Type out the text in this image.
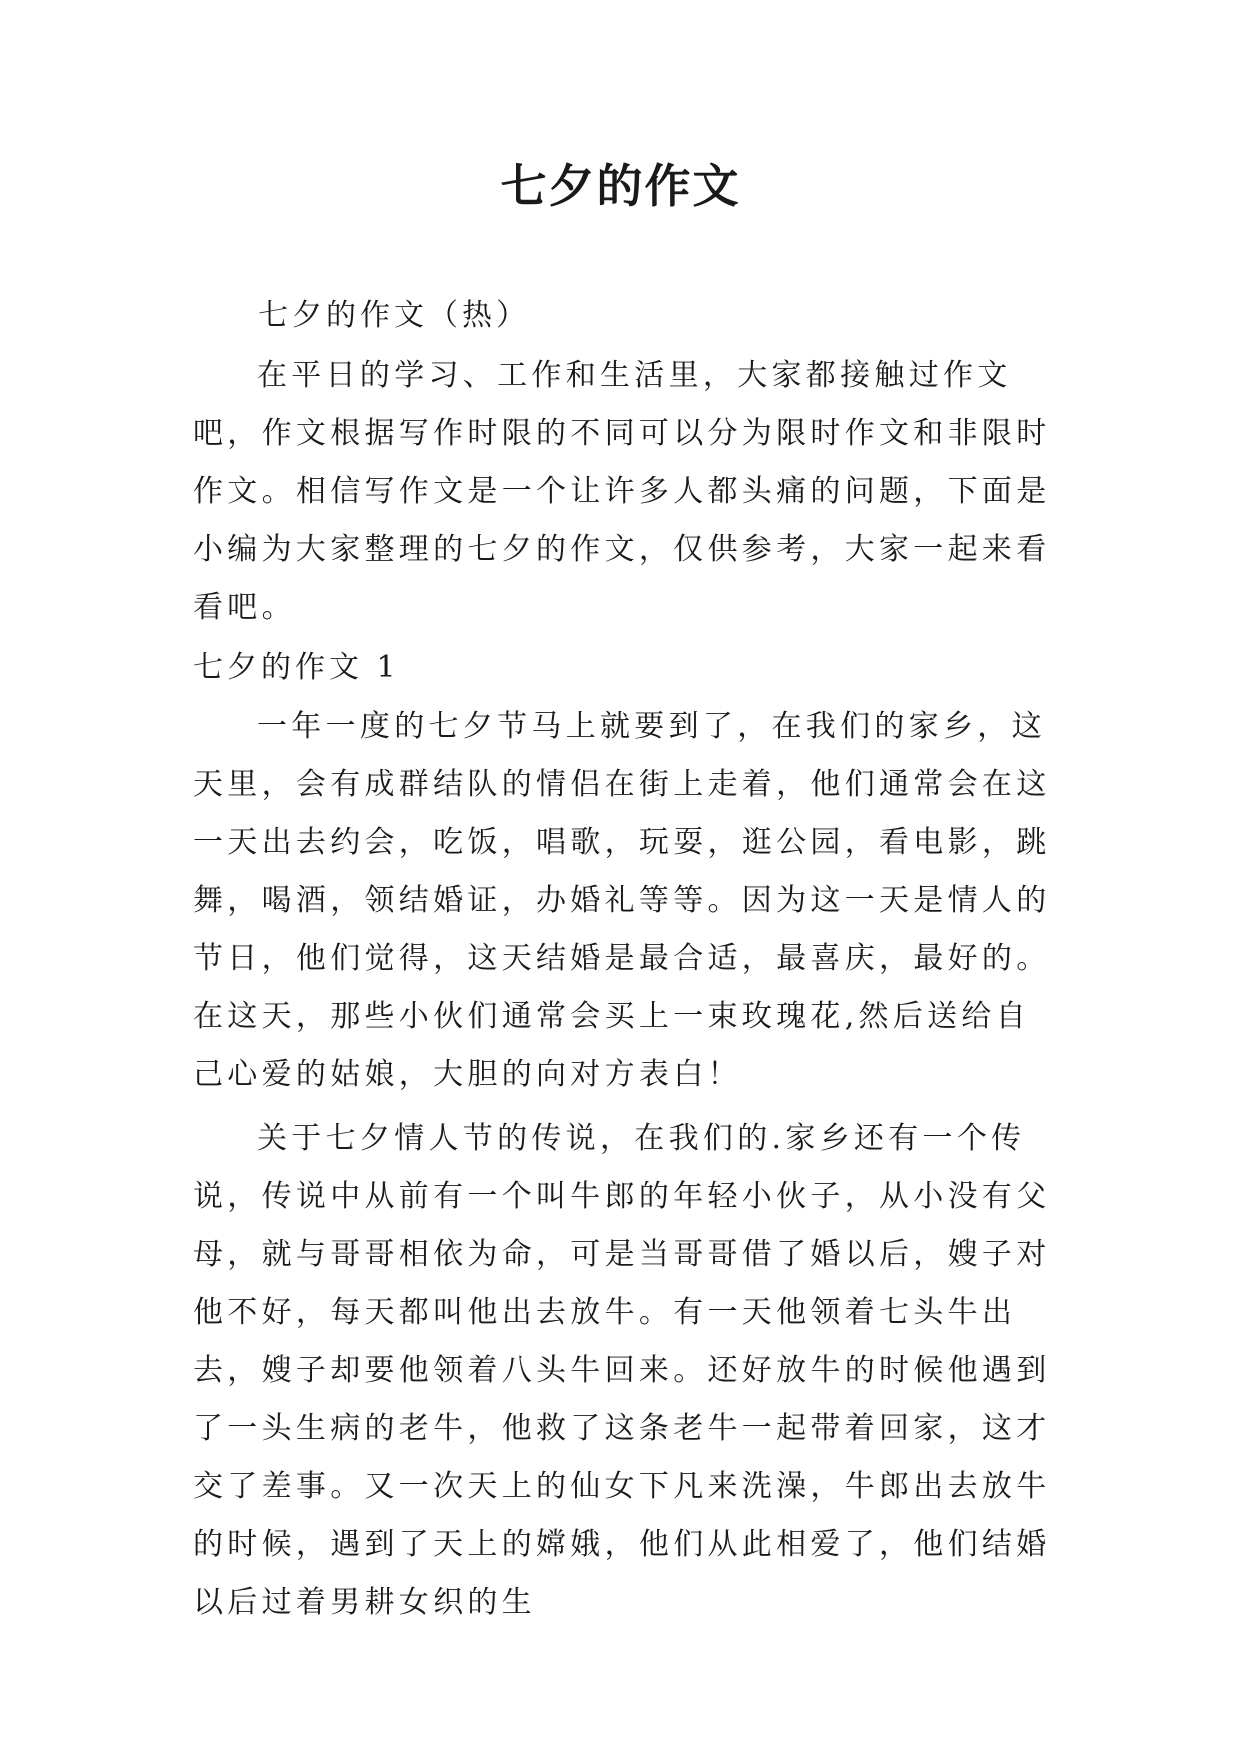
七夕的作文

七夕的作文（热）

在平日的学习、工作和生活里，大家都接触过作文吧，作文根据写作时限的不同可以分为限时作文和非限时作文。相信写作文是一个让许多人都头痛的问题，下面是小编为大家整理的七夕的作文，仅供参考，大家一起来看看吧。

七夕的作文 1

一年一度的七夕节马上就要到了，在我们的家乡，这天里，会有成群结队的情侣在街上走着，他们通常会在这一天出去约会，吃饭，唱歌，玩耍，逛公园，看电影，跳舞，喝酒，领结婚证，办婚礼等等。因为这一天是情人的节日，他们觉得，这天结婚是最合适，最喜庆，最好的。在这天，那些小伙们通常会买上一束玫瑰花,然后送给自己心爱的姑娘，大胆的向对方表白！

关于七夕情人节的传说，在我们的.家乡还有一个传说，传说中从前有一个叫牛郎的年轻小伙子，从小没有父母，就与哥哥相依为命，可是当哥哥借了婚以后，嫂子对他不好，每天都叫他出去放牛。有一天他领着七头牛出去，嫂子却要他领着八头牛回来。还好放牛的时候他遇到了一头生病的老牛，他救了这条老牛一起带着回家，这才交了差事。又一次天上的仙女下凡来洗澡，牛郎出去放牛的时候，遇到了天上的嫦娥，他们从此相爱了，他们结婚以后过着男耕女织的生
